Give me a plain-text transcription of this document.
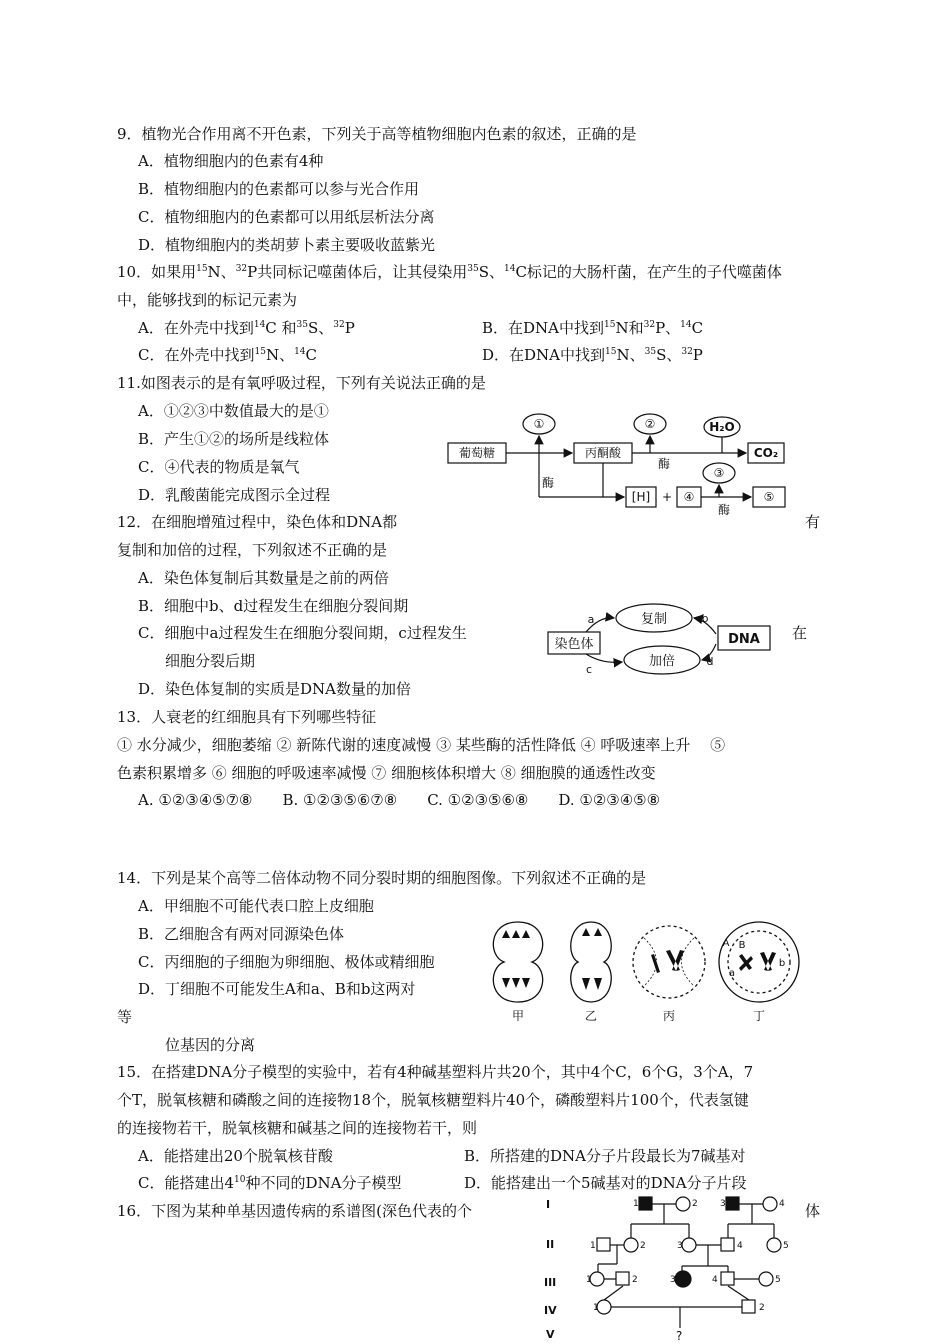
9．植物光合作用离不开色素，下列关于高等植物细胞内色素的叙述，正确的是
A．植物细胞内的色素有4种
B．植物细胞内的色素都可以参与光合作用
C．植物细胞内的色素都可以用纸层析法分离
D．植物细胞内的类胡萝卜素主要吸收蓝紫光
10．如果用$^{15}$N、$^{32}$P共同标记噬菌体后，让其侵染用$^{35}$S、$^{14}$C标记的大肠杆菌，在产生的子代噬菌体
中，能够找到的标记元素为
A．在外壳中找到$^{14}$C 和$^{35}$S、$^{32}$P	B．在DNA中找到$^{15}$N和$^{32}$P、$^{14}$C
C．在外壳中找到$^{15}$N、$^{14}$C	D．在DNA中找到$^{15}$N、$^{35}$S、$^{32}$P
11.如图表示的是有氧呼吸过程，下列有关说法正确的是
A．①②③中数值最大的是①
B．产生①②的场所是线粒体
C．④代表的物质是氧气
D．乳酸菌能完成图示全过程
葡萄糖	丙酮酸	CO₂
H₂O
[H] +
①	②
③
④	⑤
酶
酶
酶
12．在细胞增殖过程中，染色体和DNA都	有
复制和加倍的过程，下列叙述不正确的是
A．染色体复制后其数量是之前的两倍
B．细胞中b、d过程发生在细胞分裂间期
C．细胞中a过程发生在细胞分裂间期，c过程发生	在
细胞分裂后期
D．染色体复制的实质是DNA数量的加倍
染色体	DNA
复制
加倍
a	b
c
d
13．人衰老的红细胞具有下列哪些特征
① 水分减少，细胞萎缩 ② 新陈代谢的速度减慢 ③ 某些酶的活性降低 ④ 呼吸速率上升　 ⑤
色素积累增多 ⑥ 细胞的呼吸速率减慢 ⑦ 细胞核体积增大 ⑧ 细胞膜的通透性改变
A. ①②③④⑤⑦⑧　　B. ①②③⑤⑥⑦⑧　　C. ①②③⑤⑥⑧　　D. ①②③④⑤⑧
14．下列是某个高等二倍体动物不同分裂时期的细胞图像。下列叙述不正确的是
A．甲细胞不可能代表口腔上皮细胞
B．乙细胞含有两对同源染色体
C．丙细胞的子细胞为卵细胞、极体或精细胞
D．丁细胞不可能发生A和a、B和b这两对
等
位基因的分离
A
a
B
b
甲	乙	丙	丁
15．在搭建DNA分子模型的实验中，若有4种碱基塑料片共20个，其中4个C，6个G，3个A，7
个T，脱氧核糖和磷酸之间的连接物18个，脱氧核糖塑料片40个，磷酸塑料片100个，代表氢键
的连接物若干，脱氧核糖和碱基之间的连接物若干，则
A．能搭建出20个脱氧核苷酸	B．所搭建的DNA分子片段最长为7碱基对
C．能搭建出$4^{10}$种不同的DNA分子模型	D．能搭建出一个5碱基对的DNA分子片段
16．下图为某种单基因遗传病的系谱图(深色代表的个	体
I
II
III
IV
V
1	2 3	4
1	2	3	4	5
1	2	3	4	5
1	2
?
